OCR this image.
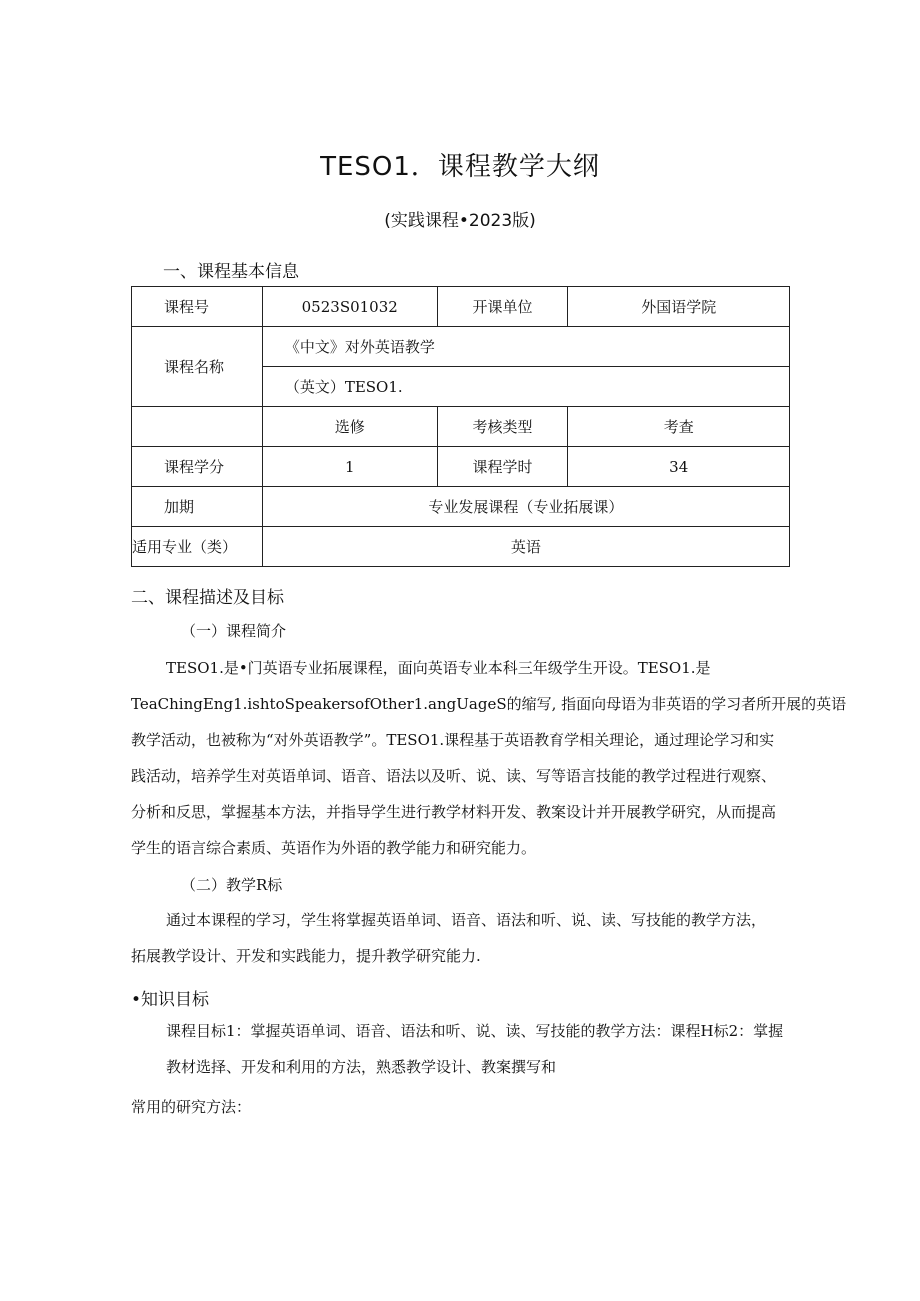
TESO1．课程教学大纲
(实践课程•2023版)
一、课程基本信息
课程号	0523S01032	开课单位	外国语学院
课程名称	《中文》对外英语教学		
	（英文）TESO1.		
	选修	考核类型	考查
课程学分	1	课程学时	34
加期	专业发展课程（专业拓展课）		
适用专业（类）	英语		
二、课程描述及目标
（一）课程简介
TESO1.是•门英语专业拓展课程，面向英语专业本科三年级学生开设。TESO1.是
TeaChingEng1.ishtoSpeakersofOther1.angUageS的缩写, 指面向母语为非英语的学习者所开展的英语
教学活动，也被称为“对外英语教学”。TESO1.课程基于英语教育学相关理论，通过理论学习和实
践活动，培养学生对英语单词、语音、语法以及听、说、读、写等语言技能的教学过程进行观察、
分析和反思，掌握基本方法，并指导学生进行教学材料开发、教案设计并开展教学研究，从而提高
学生的语言综合素质、英语作为外语的教学能力和研究能力。
（二）教学R标
通过本课程的学习，学生将掌握英语单词、语音、语法和听、说、读、写技能的教学方法，
拓展教学设计、开发和实践能力，提升教学研究能力.
•知识目标
课程目标1：掌握英语单词、语音、语法和听、说、读、写技能的教学方法：课程H标2：掌握
教材选择、开发和利用的方法，熟悉教学设计、教案撰写和
常用的研究方法：
